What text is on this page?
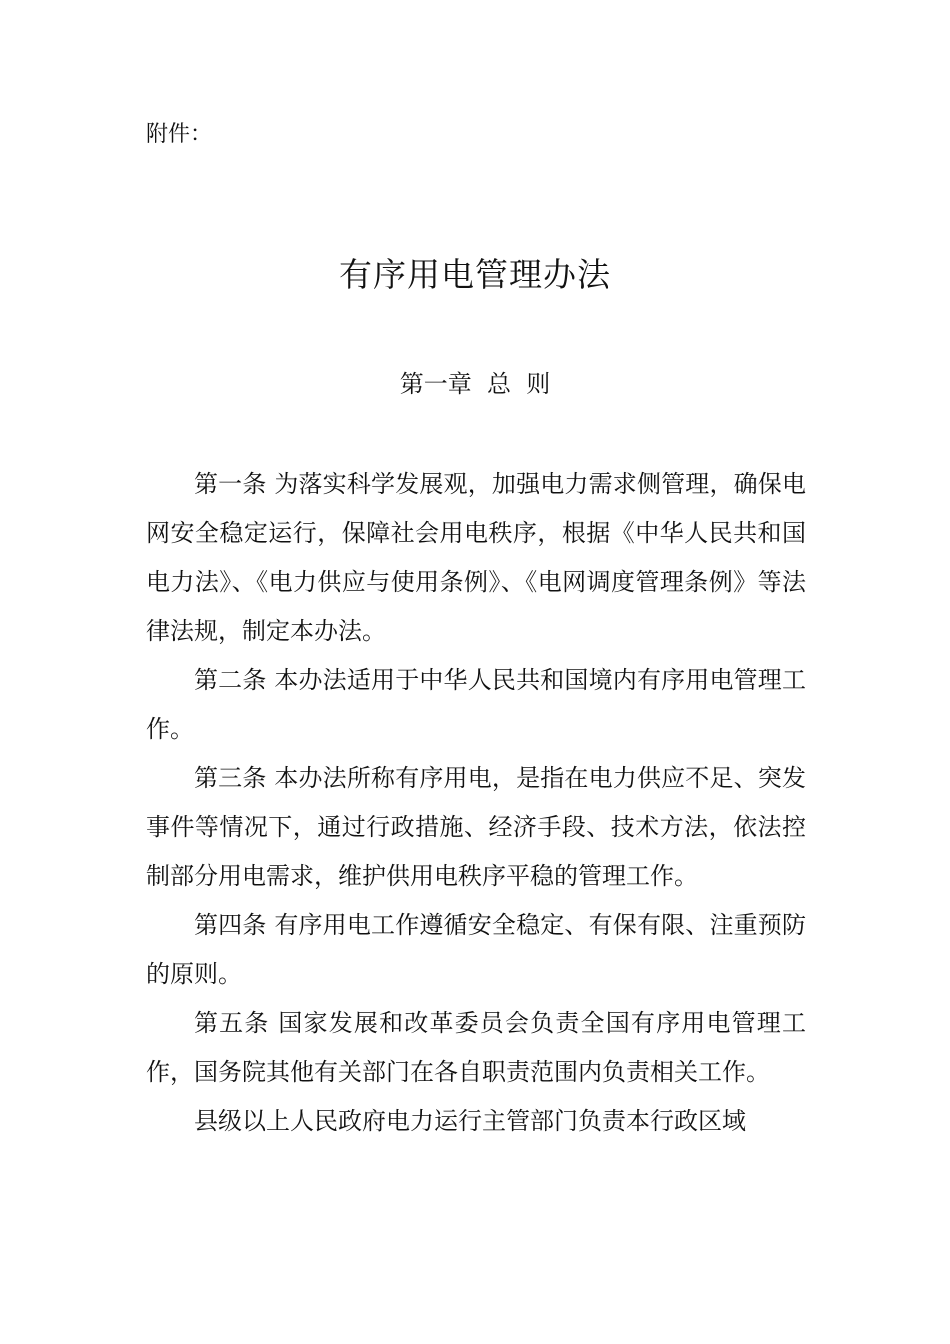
附件：
有序用电管理办法
第一章  总  则

第一条 为落实科学发展观，加强电力需求侧管理，确保电网安全稳定运行，保障社会用电秩序，根据《中华人民共和国电力法》、《电力供应与使用条例》、《电网调度管理条例》等法律法规，制定本办法。

第二条 本办法适用于中华人民共和国境内有序用电管理工作。

第三条 本办法所称有序用电，是指在电力供应不足、突发事件等情况下，通过行政措施、经济手段、技术方法，依法控制部分用电需求，维护供用电秩序平稳的管理工作。

第四条 有序用电工作遵循安全稳定、有保有限、注重预防的原则。

第五条 国家发展和改革委员会负责全国有序用电管理工作，国务院其他有关部门在各自职责范围内负责相关工作。

县级以上人民政府电力运行主管部门负责本行政区域
